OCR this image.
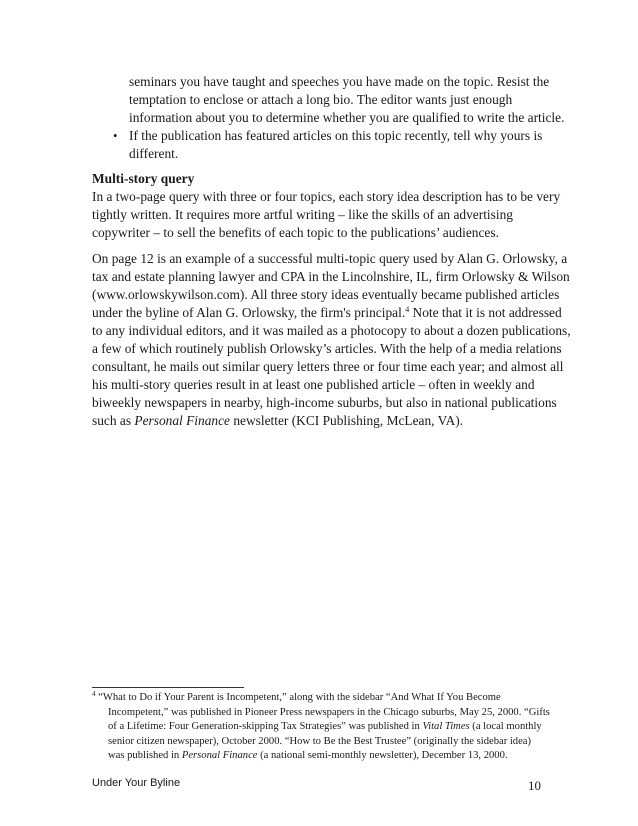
seminars you have taught and speeches you have made on the topic. Resist the
temptation to enclose or attach a long bio. The editor wants just enough
information about you to determine whether you are qualified to write the article.
• If the publication has featured articles on this topic recently, tell why yours is
different.
Multi-story query
In a two-page query with three or four topics, each story idea description has to be very
tightly written. It requires more artful writing – like the skills of an advertising
copywriter – to sell the benefits of each topic to the publications’ audiences.
On page 12 is an example of a successful multi-topic query used by Alan G. Orlowsky, a
tax and estate planning lawyer and CPA in the Lincolnshire, IL, firm Orlowsky & Wilson
(www.orlowskywilson.com). All three story ideas eventually became published articles
under the byline of Alan G. Orlowsky, the firm's principal.$^4$ Note that it is not addressed
to any individual editors, and it was mailed as a photocopy to about a dozen publications,
a few of which routinely publish Orlowsky’s articles. With the help of a media relations
consultant, he mails out similar query letters three or four time each year; and almost all
his multi-story queries result in at least one published article – often in weekly and
biweekly newspapers in nearby, high-income suburbs, but also in national publications
such as Personal Finance newsletter (KCI Publishing, McLean, VA).
$^4$ “What to Do if Your Parent is Incompetent,” along with the sidebar “And What If You Become
Incompetent,” was published in Pioneer Press newspapers in the Chicago suburbs, May 25, 2000. “Gifts
of a Lifetime: Four Generation-skipping Tax Strategies” was published in Vital Times (a local monthly
senior citizen newspaper), October 2000. “How to Be the Best Trustee” (originally the sidebar idea)
was published in Personal Finance (a national semi-monthly newsletter), December 13, 2000.
Under Your Byline	10
